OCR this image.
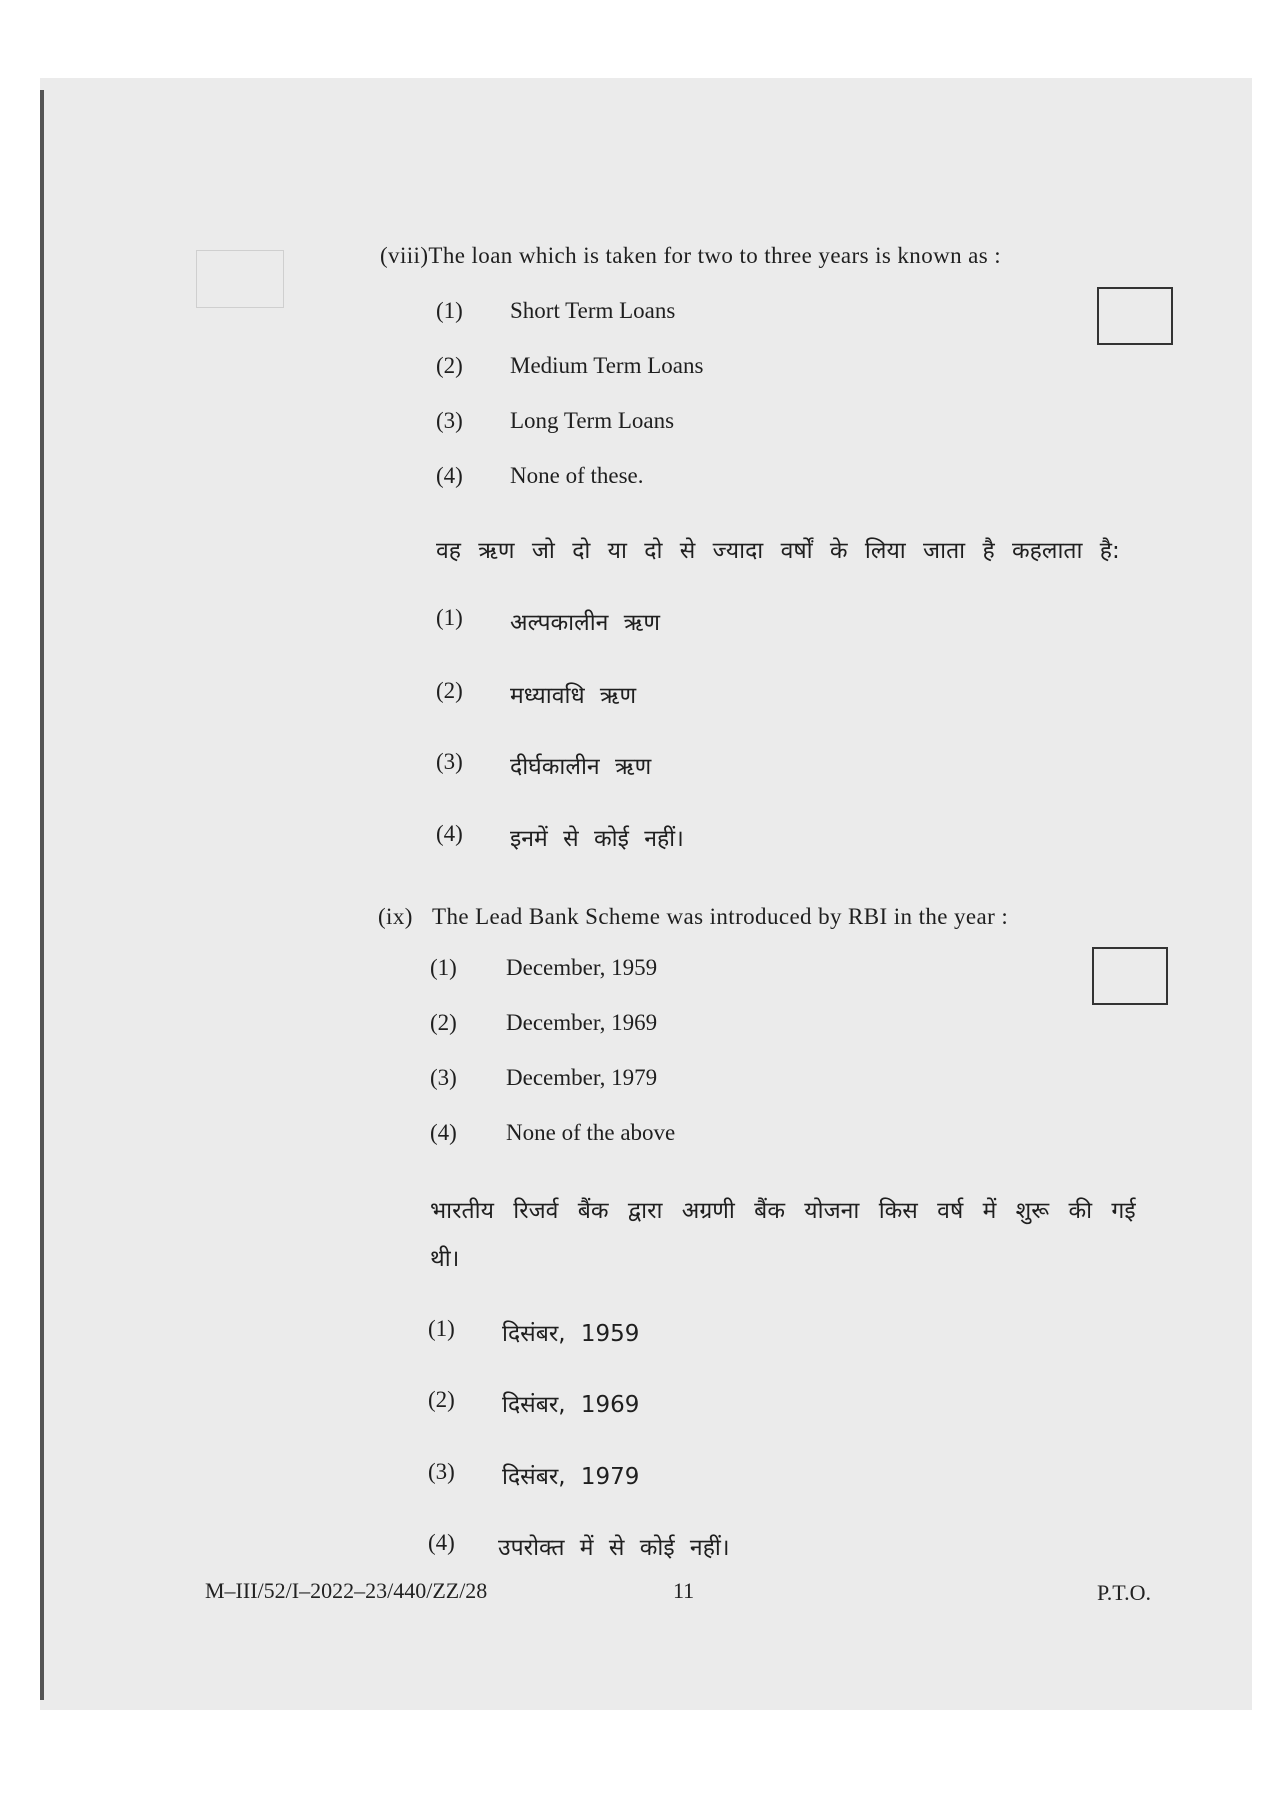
(viii)The loan which is taken for two to three years is known as :
(1) Short Term Loans
(2) Medium Term Loans
(3) Long Term Loans
(4) None of these.
वह ऋण जो दो या दो से ज्यादा वर्षों के लिया जाता है कहलाता है:
(1) अल्पकालीन ऋण
(2) मध्यावधि ऋण
(3) दीर्घकालीन ऋण
(4) इनमें से कोई नहीं।
(ix) The Lead Bank Scheme was introduced by RBI in the year :
(1) December, 1959
(2) December, 1969
(3) December, 1979
(4) None of the above
भारतीय रिजर्व बैंक द्वारा अग्रणी बैंक योजना किस वर्ष में शुरू की गई
थी।
(1) दिसंबर, 1959
(2) दिसंबर, 1969
(3) दिसंबर, 1979
(4) उपरोक्त में से कोई नहीं।
M–III/52/I–2022–23/440/ZZ/28	11	P.T.O.
